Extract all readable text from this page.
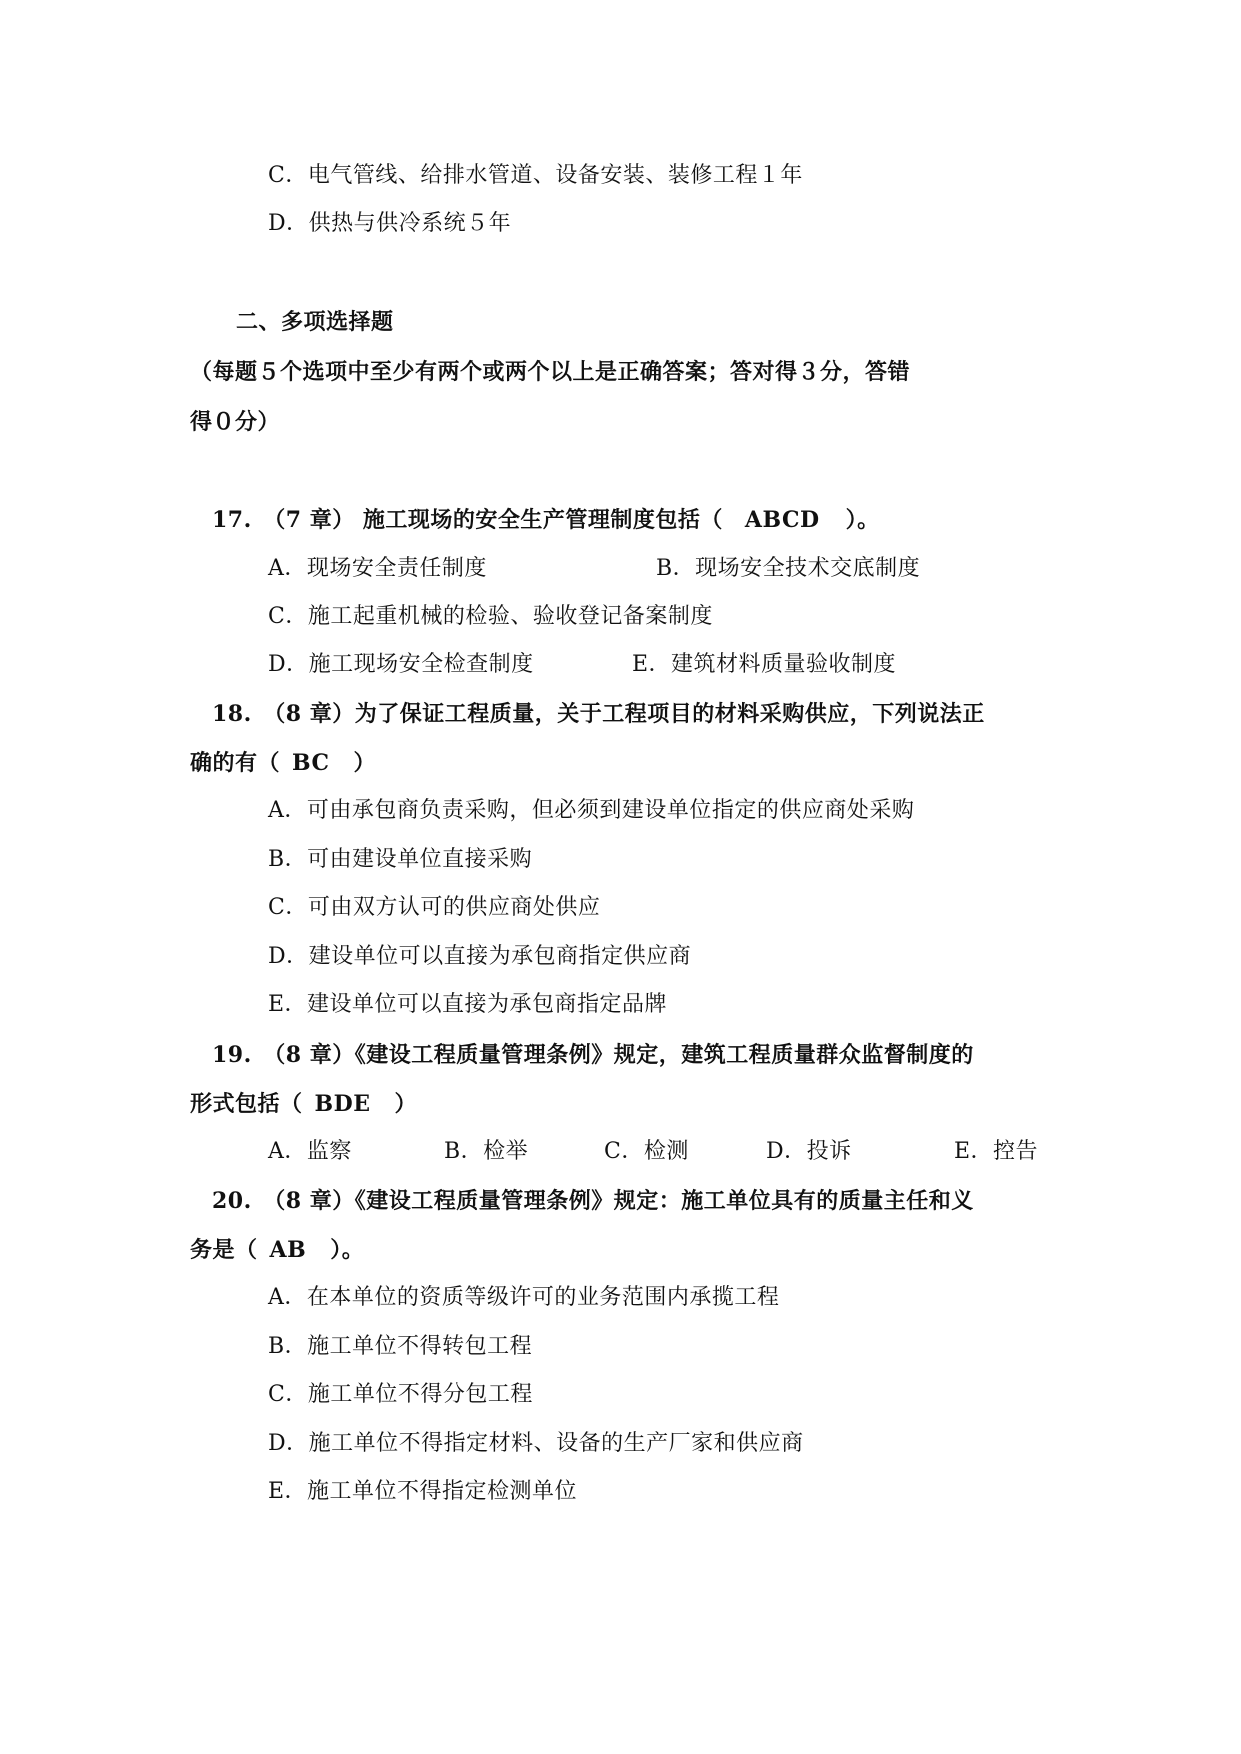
C．电气管线、给排水管道、设备安装、装修工程１年
D．供热与供冷系统５年
二、多项选择题
（每题５个选项中至少有两个或两个以上是正确答案；答对得３分，答错
得０分）
17.　（7 章） 施工现场的安全生产管理制度包括（ ABCD ）。
A．现场安全责任制度	B．现场安全技术交底制度
C．施工起重机械的检验、验收登记备案制度
D．施工现场安全检查制度	E．建筑材料质量验收制度
18.　（8 章）为了保证工程质量，关于工程项目的材料采购供应，下列说法正
确的有（ BC ）
A．可由承包商负责采购，但必须到建设单位指定的供应商处采购
B．可由建设单位直接采购
C．可由双方认可的供应商处供应
D．建设单位可以直接为承包商指定供应商
E．建设单位可以直接为承包商指定品牌
19.　（8 章）《建设工程质量管理条例》规定，建筑工程质量群众监督制度的
形式包括（ BDE ）
A．监察	B．检举	C．检测	D．投诉	E．控告
20.　（8 章）《建设工程质量管理条例》规定：施工单位具有的质量主任和义
务是（ AB ）。
A．在本单位的资质等级许可的业务范围内承揽工程
B．施工单位不得转包工程
C．施工单位不得分包工程
D．施工单位不得指定材料、设备的生产厂家和供应商
E．施工单位不得指定检测单位
